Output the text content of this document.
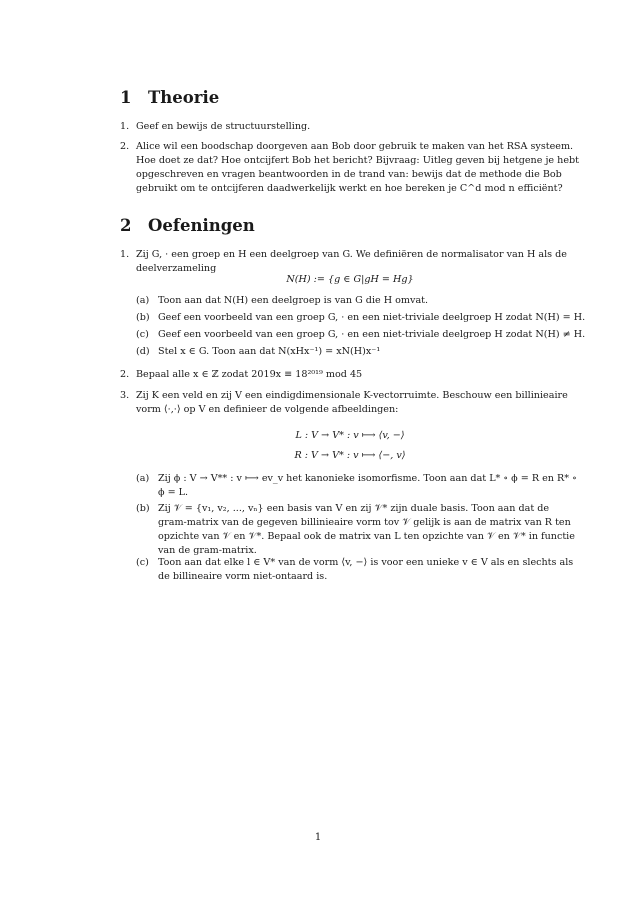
1 Theorie
1. Geef en bewijs de structuurstelling.
2. Alice wil een boodschap doorgeven aan Bob door gebruik te maken van het RSA systeem. Hoe doet ze dat? Hoe ontcijfert Bob het bericht? Bijvraag: Uitleg geven bij hetgene je hebt opgeschreven en vragen beantwoorden in de trand van: bewijs dat de methode die Bob gebruikt om te ontcijferen daadwerkelijk werkt en hoe bereken je C^d mod n efficiënt?
2 Oefeningen
1. Zij G, · een groep en H een deelgroep van G. We definiëren de normalisator van H als de deelverzameling
N(H) := {g ∈ G|gH = Hg}
(a) Toon aan dat N(H) een deelgroep is van G die H omvat.
(b) Geef een voorbeeld van een groep G, · en een niet-triviale deelgroep H zodat N(H) = H.
(c) Geef een voorbeeld van een groep G, · en een niet-triviale deelgroep H zodat N(H) ≠ H.
(d) Stel x ∈ G. Toon aan dat N(xHx⁻¹) = xN(H)x⁻¹
2. Bepaal alle x ∈ ℤ zodat 2019x ≡ 18²⁰¹⁹ mod 45
3. Zij K een veld en zij V een eindigdimensionale K-vectorruimte. Beschouw een billinieaire vorm ⟨·,·⟩ op V en definieer de volgende afbeeldingen:
L : V → V* : v ⟼ ⟨v, −⟩
R : V → V* : v ⟼ ⟨−, v⟩
(a) Zij ϕ : V → V** : v ⟼ ev_v het kanonieke isomorfisme. Toon aan dat L* ∘ ϕ = R en R* ∘ ϕ = L.
(b) Zij 𝒱 = {v₁, v₂, ..., vₙ} een basis van V en zij 𝒱* zijn duale basis. Toon aan dat de gram-matrix van de gegeven billinieaire vorm tov 𝒱 gelijk is aan de matrix van R ten opzichte van 𝒱 en 𝒱*. Bepaal ook de matrix van L ten opzichte van 𝒱 en 𝒱* in functie van de gram-matrix.
(c) Toon aan dat elke l ∈ V* van de vorm ⟨v, −⟩ is voor een unieke v ∈ V als en slechts als de billineaire vorm niet-ontaard is.
1
